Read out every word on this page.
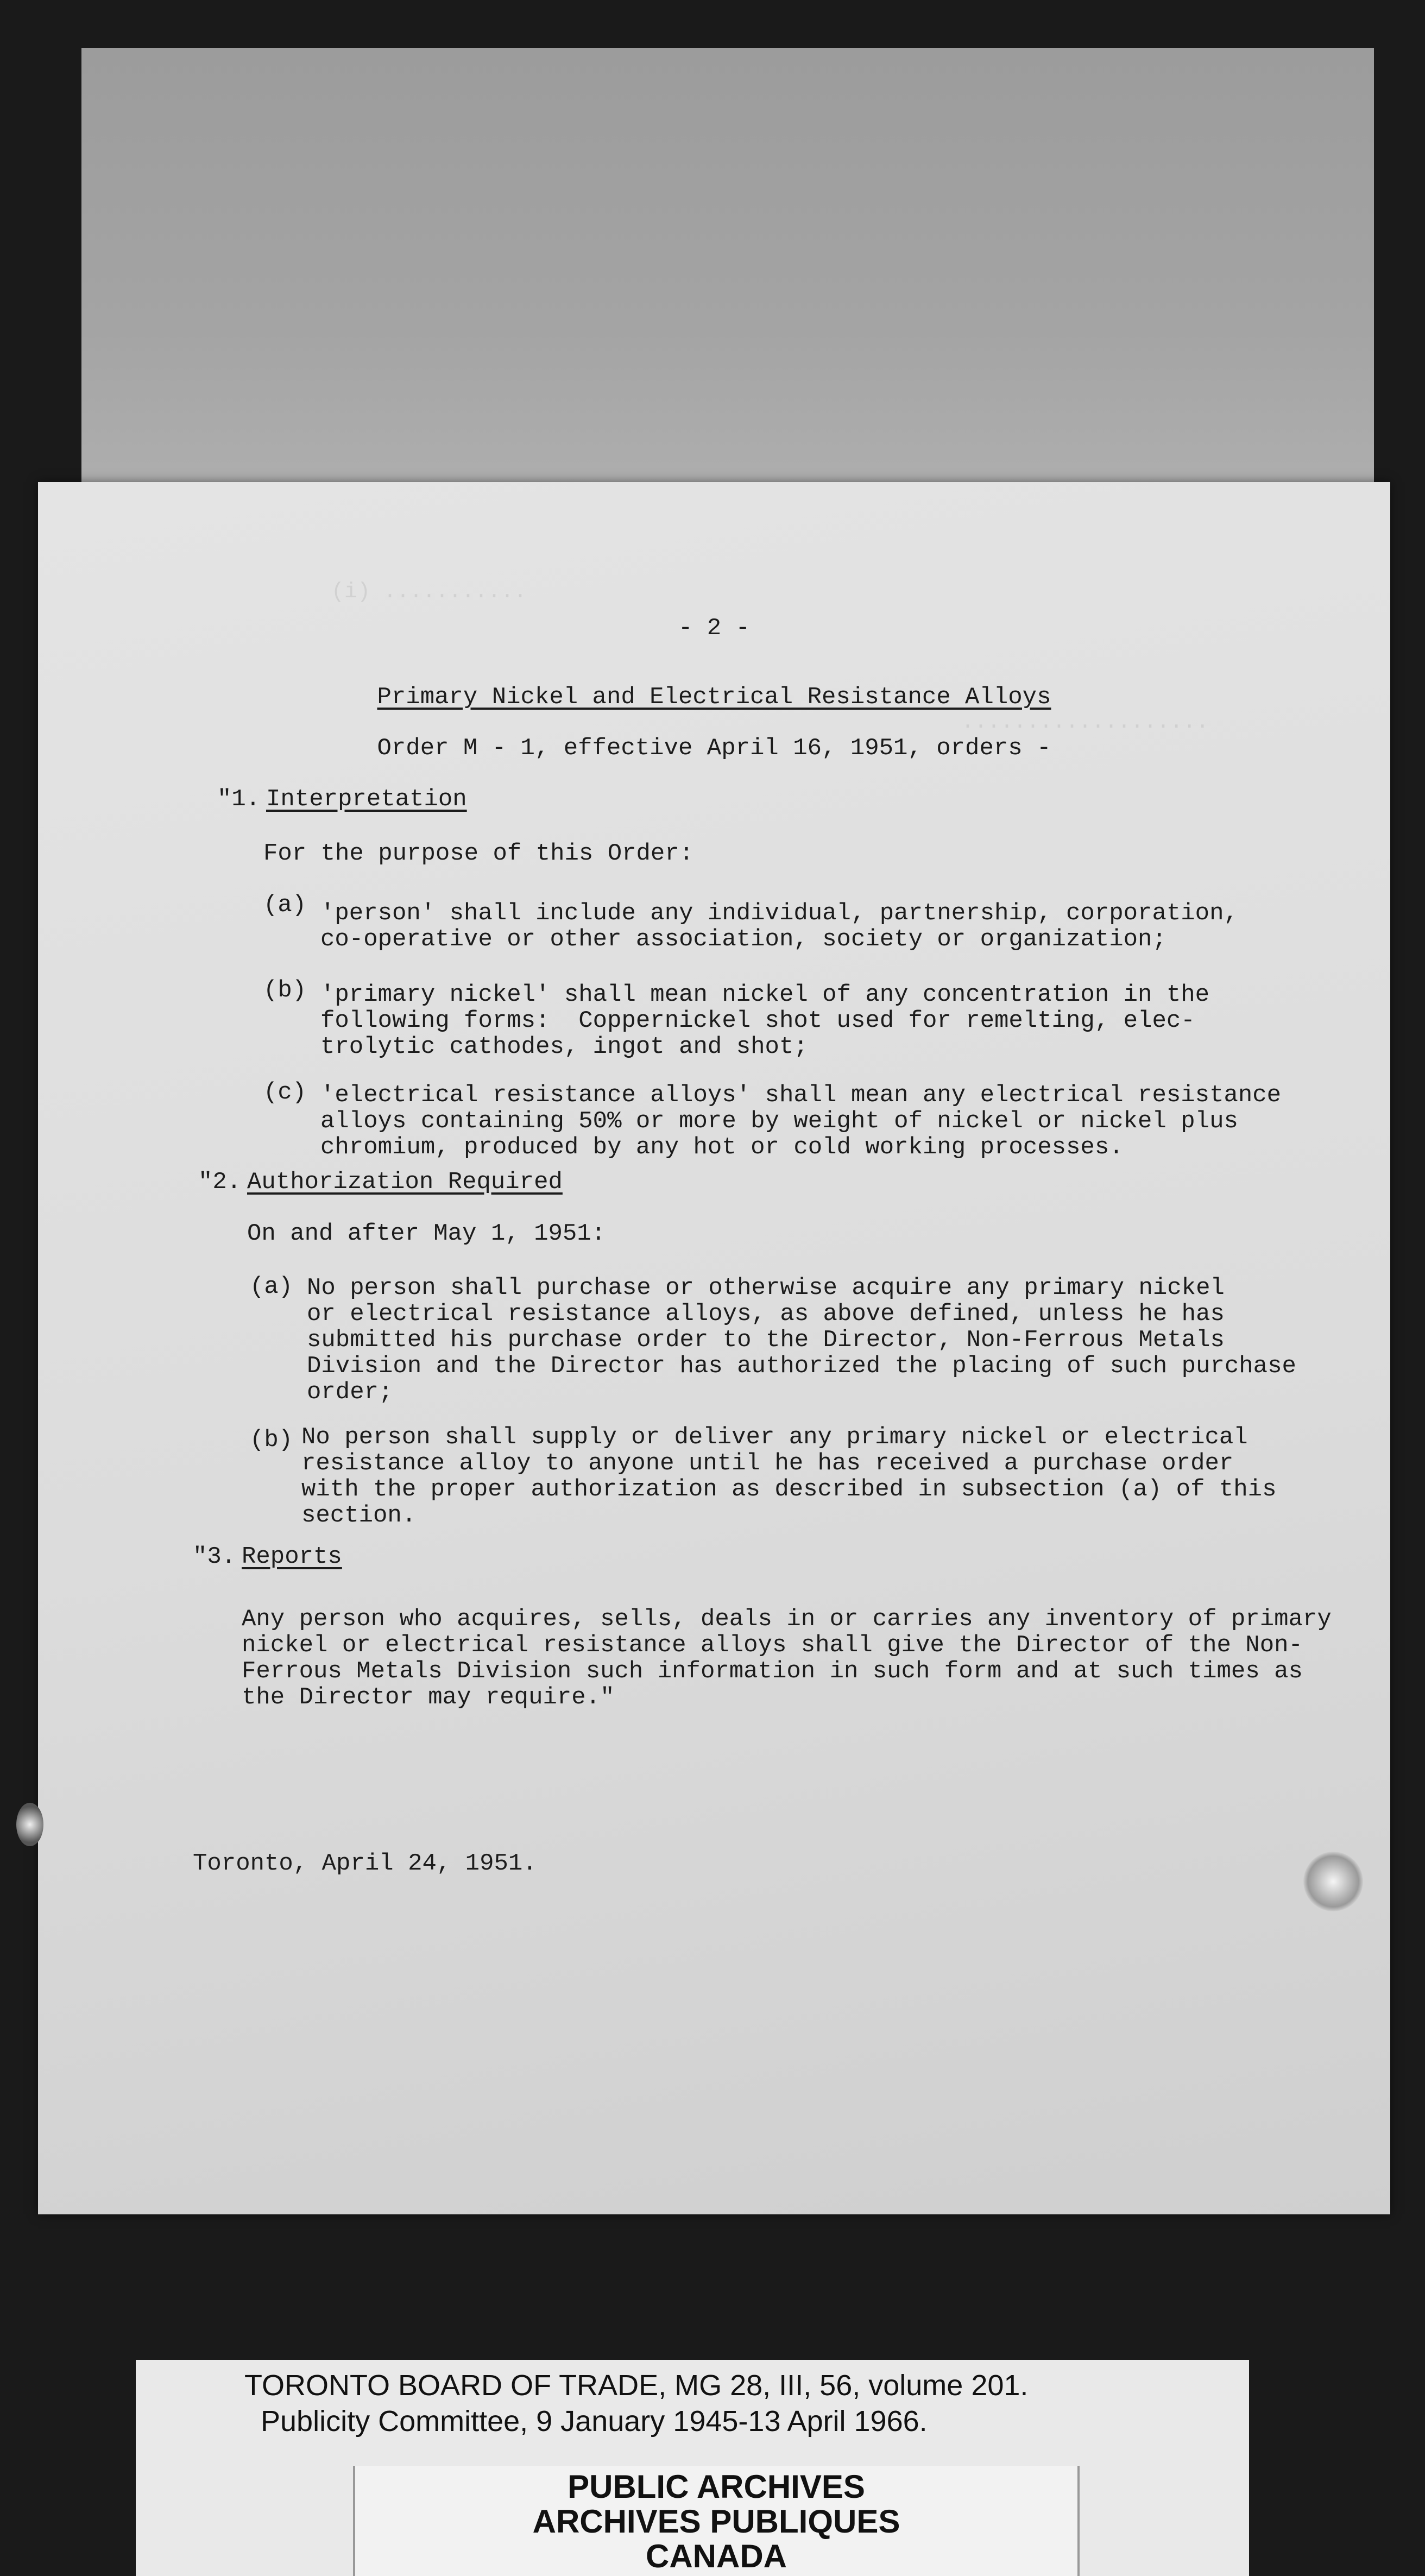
(i) ...........
...................
- 2 -
Primary Nickel and Electrical Resistance Alloys
Order M - 1, effective April 16, 1951, orders -
"1. Interpretation
For the purpose of this Order:
(a) 'person' shall include any individual, partnership, corporation,
co-operative or other association, society or organization;
(b) 'primary nickel' shall mean nickel of any concentration in the
following forms:  Coppernickel shot used for remelting, elec-
trolytic cathodes, ingot and shot;
(c) 'electrical resistance alloys' shall mean any electrical resistance
alloys containing 50% or more by weight of nickel or nickel plus
chromium, produced by any hot or cold working processes.
"2. Authorization Required
On and after May 1, 1951:
(a) No person shall purchase or otherwise acquire any primary nickel
or electrical resistance alloys, as above defined, unless he has
submitted his purchase order to the Director, Non-Ferrous Metals
Division and the Director has authorized the placing of such purchase
order;
(b) No person shall supply or deliver any primary nickel or electrical
resistance alloy to anyone until he has received a purchase order
with the proper authorization as described in subsection (a) of this
section.
"3. Reports
Any person who acquires, sells, deals in or carries any inventory of primary
nickel or electrical resistance alloys shall give the Director of the Non-
Ferrous Metals Division such information in such form and at such times as
the Director may require."
Toronto, April 24, 1951.
TORONTO BOARD OF TRADE, MG 28, III, 56, volume 201.
Publicity Committee, 9 January 1945-13 April 1966.
PUBLIC ARCHIVES
ARCHIVES PUBLIQUES
CANADA
